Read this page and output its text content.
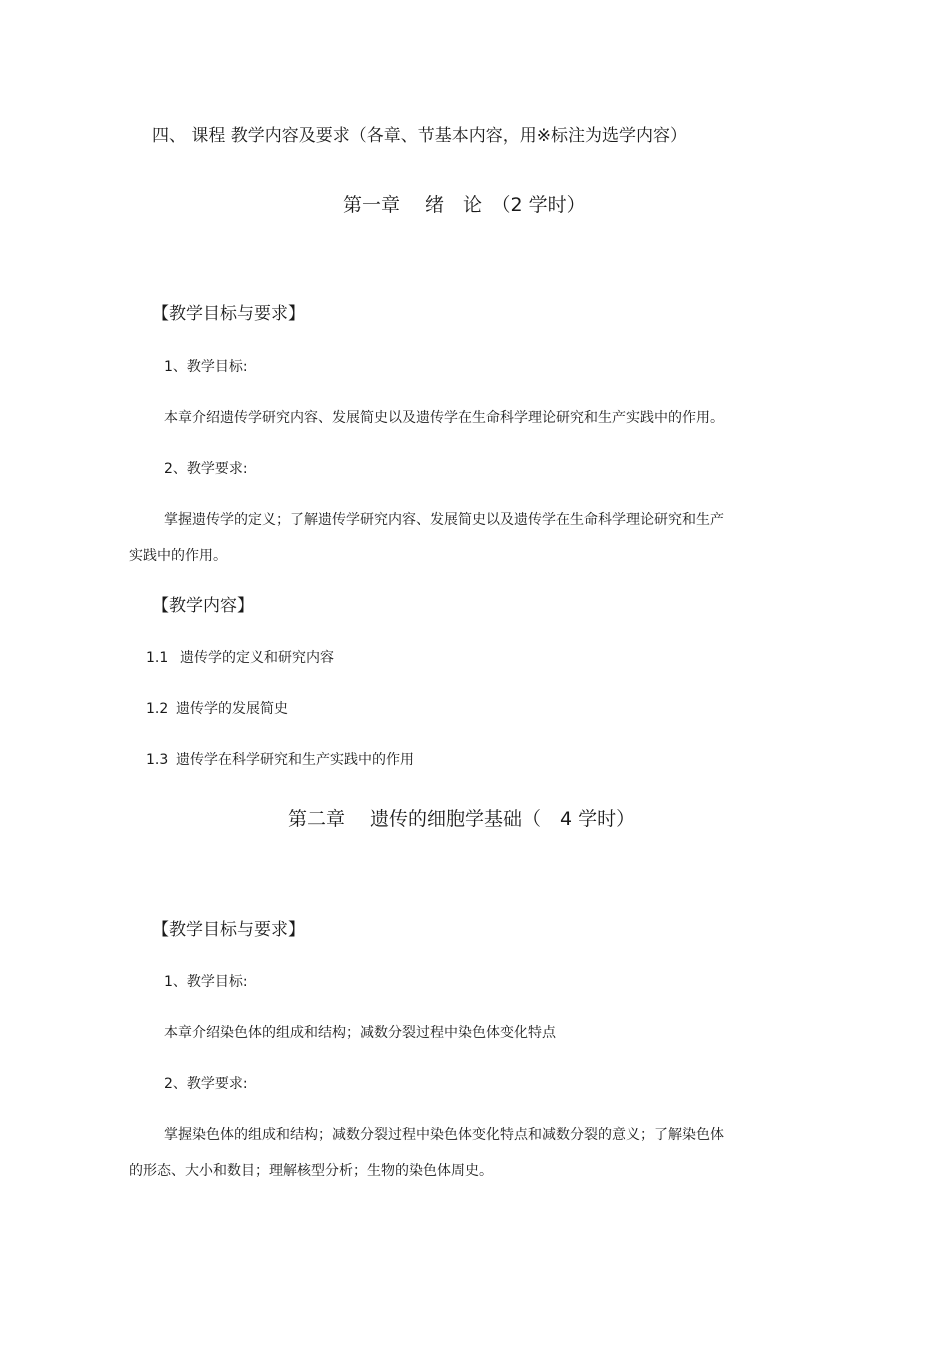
四、 课程 教学内容及要求（各章、节基本内容，用※标注为选学内容）
第一章　 绪　论　（2 学时）
【教学目标与要求】
1、教学目标:
本章介绍遗传学研究内容、发展简史以及遗传学在生命科学理论研究和生产实践中的作用。
2、教学要求:
掌握遗传学的定义；了解遗传学研究内容、发展简史以及遗传学在生命科学理论研究和生产
实践中的作用。
【教学内容】
1.1 遗传学的定义和研究内容
1.2 遗传学的发展简史
1.3 遗传学在科学研究和生产实践中的作用
第二章　 遗传的细胞学基础（　4 学时）
【教学目标与要求】
1、教学目标:
本章介绍染色体的组成和结构；减数分裂过程中染色体变化特点
2、教学要求:
掌握染色体的组成和结构；减数分裂过程中染色体变化特点和减数分裂的意义；了解染色体
的形态、大小和数目；理解核型分析；生物的染色体周史。
